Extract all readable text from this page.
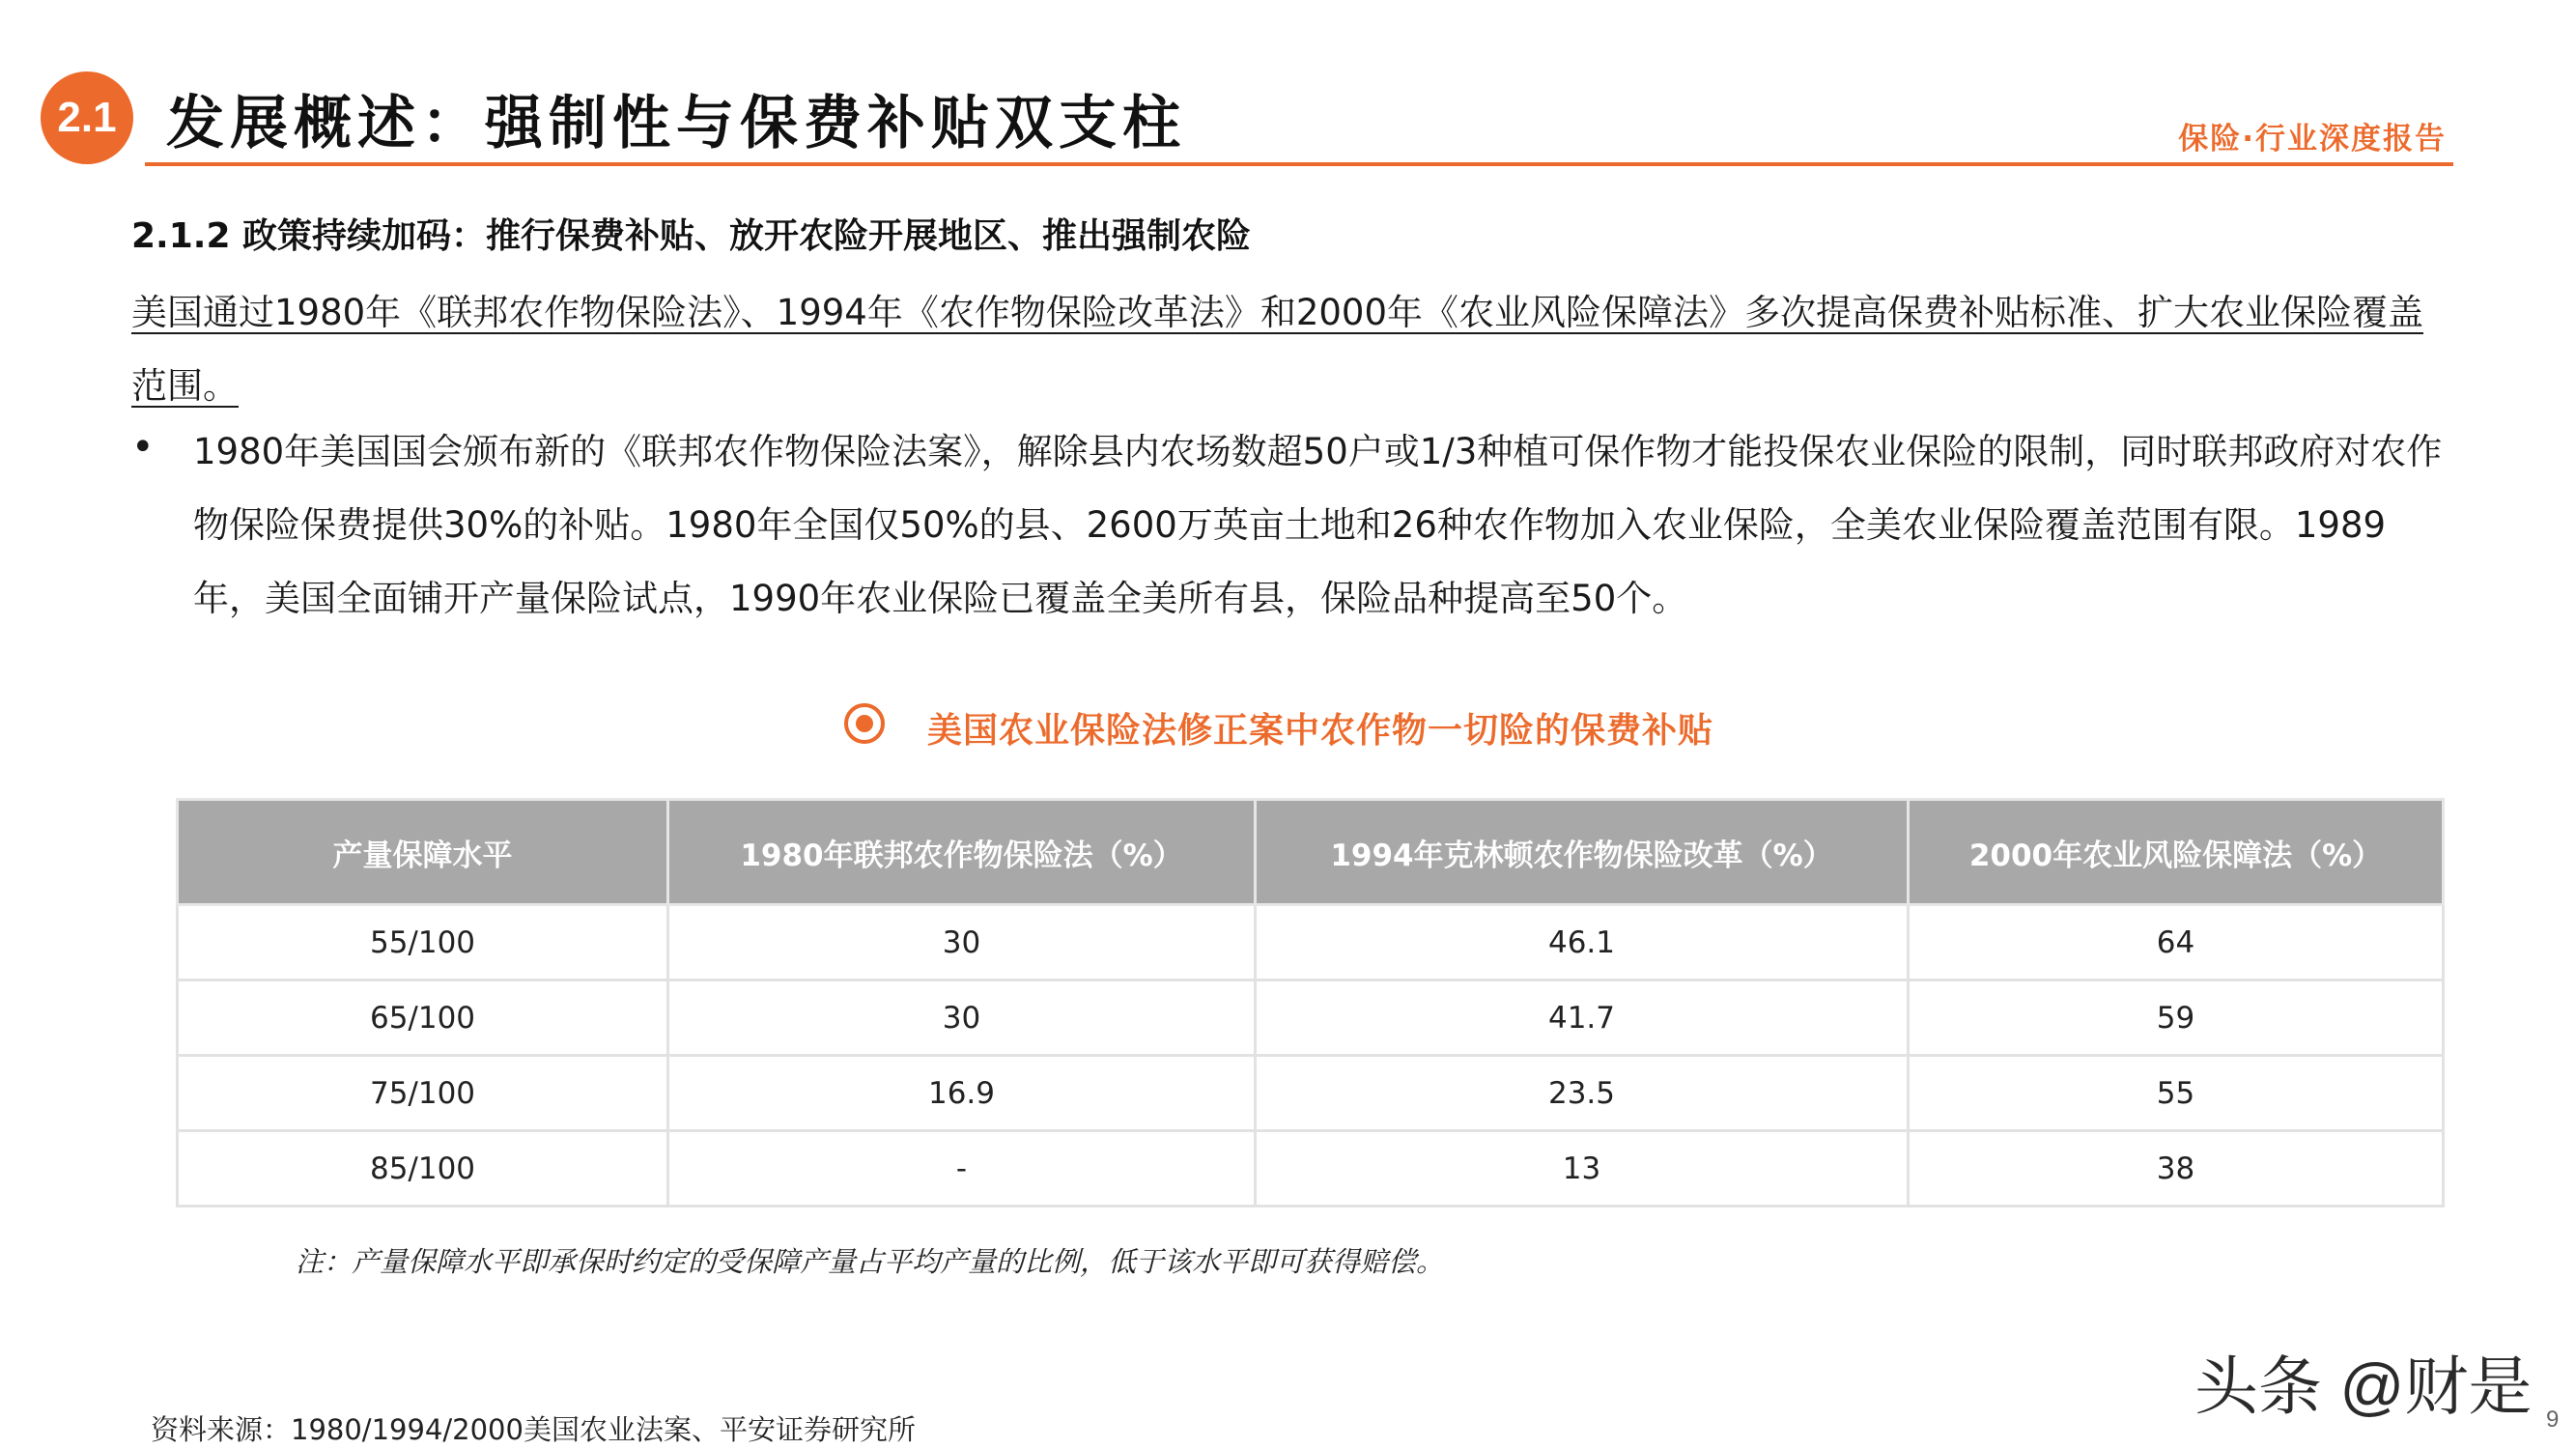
2.1 发展概述：强制性与保费补贴双支柱	保险·行业深度报告
2.1.2 政策持续加码：推行保费补贴、放开农险开展地区、推出强制农险
美国通过1980年《联邦农作物保险法》、1994年《农作物保险改革法》和2000年《农业风险保障法》多次提高保费补贴标准、扩大农业保险覆盖范围。
• 1980年美国国会颁布新的《联邦农作物保险法案》，解除县内农场数超50户或1/3种植可保作物才能投保农业保险的限制，同时联邦政府对农作物保险保费提供30%的补贴。1980年全国仅50%的县、2600万英亩土地和26种农作物加入农业保险，全美农业保险覆盖范围有限。1989年，美国全面铺开产量保险试点，1990年农业保险已覆盖全美所有县，保险品种提高至50个。
美国农业保险法修正案中农作物一切险的保费补贴
产量保障水平	1980年联邦农作物保险法（%）	1994年克林顿农作物保险改革（%）	2000年农业风险保障法（%）
55/100	30	46.1	64
65/100	30	41.7	59
75/100	16.9	23.5	55
85/100	-	13	38
注：产量保障水平即承保时约定的受保障产量占平均产量的比例，低于该水平即可获得赔偿。
资料来源：1980/1994/2000美国农业法案、平安证券研究所
头条 @财是 9
